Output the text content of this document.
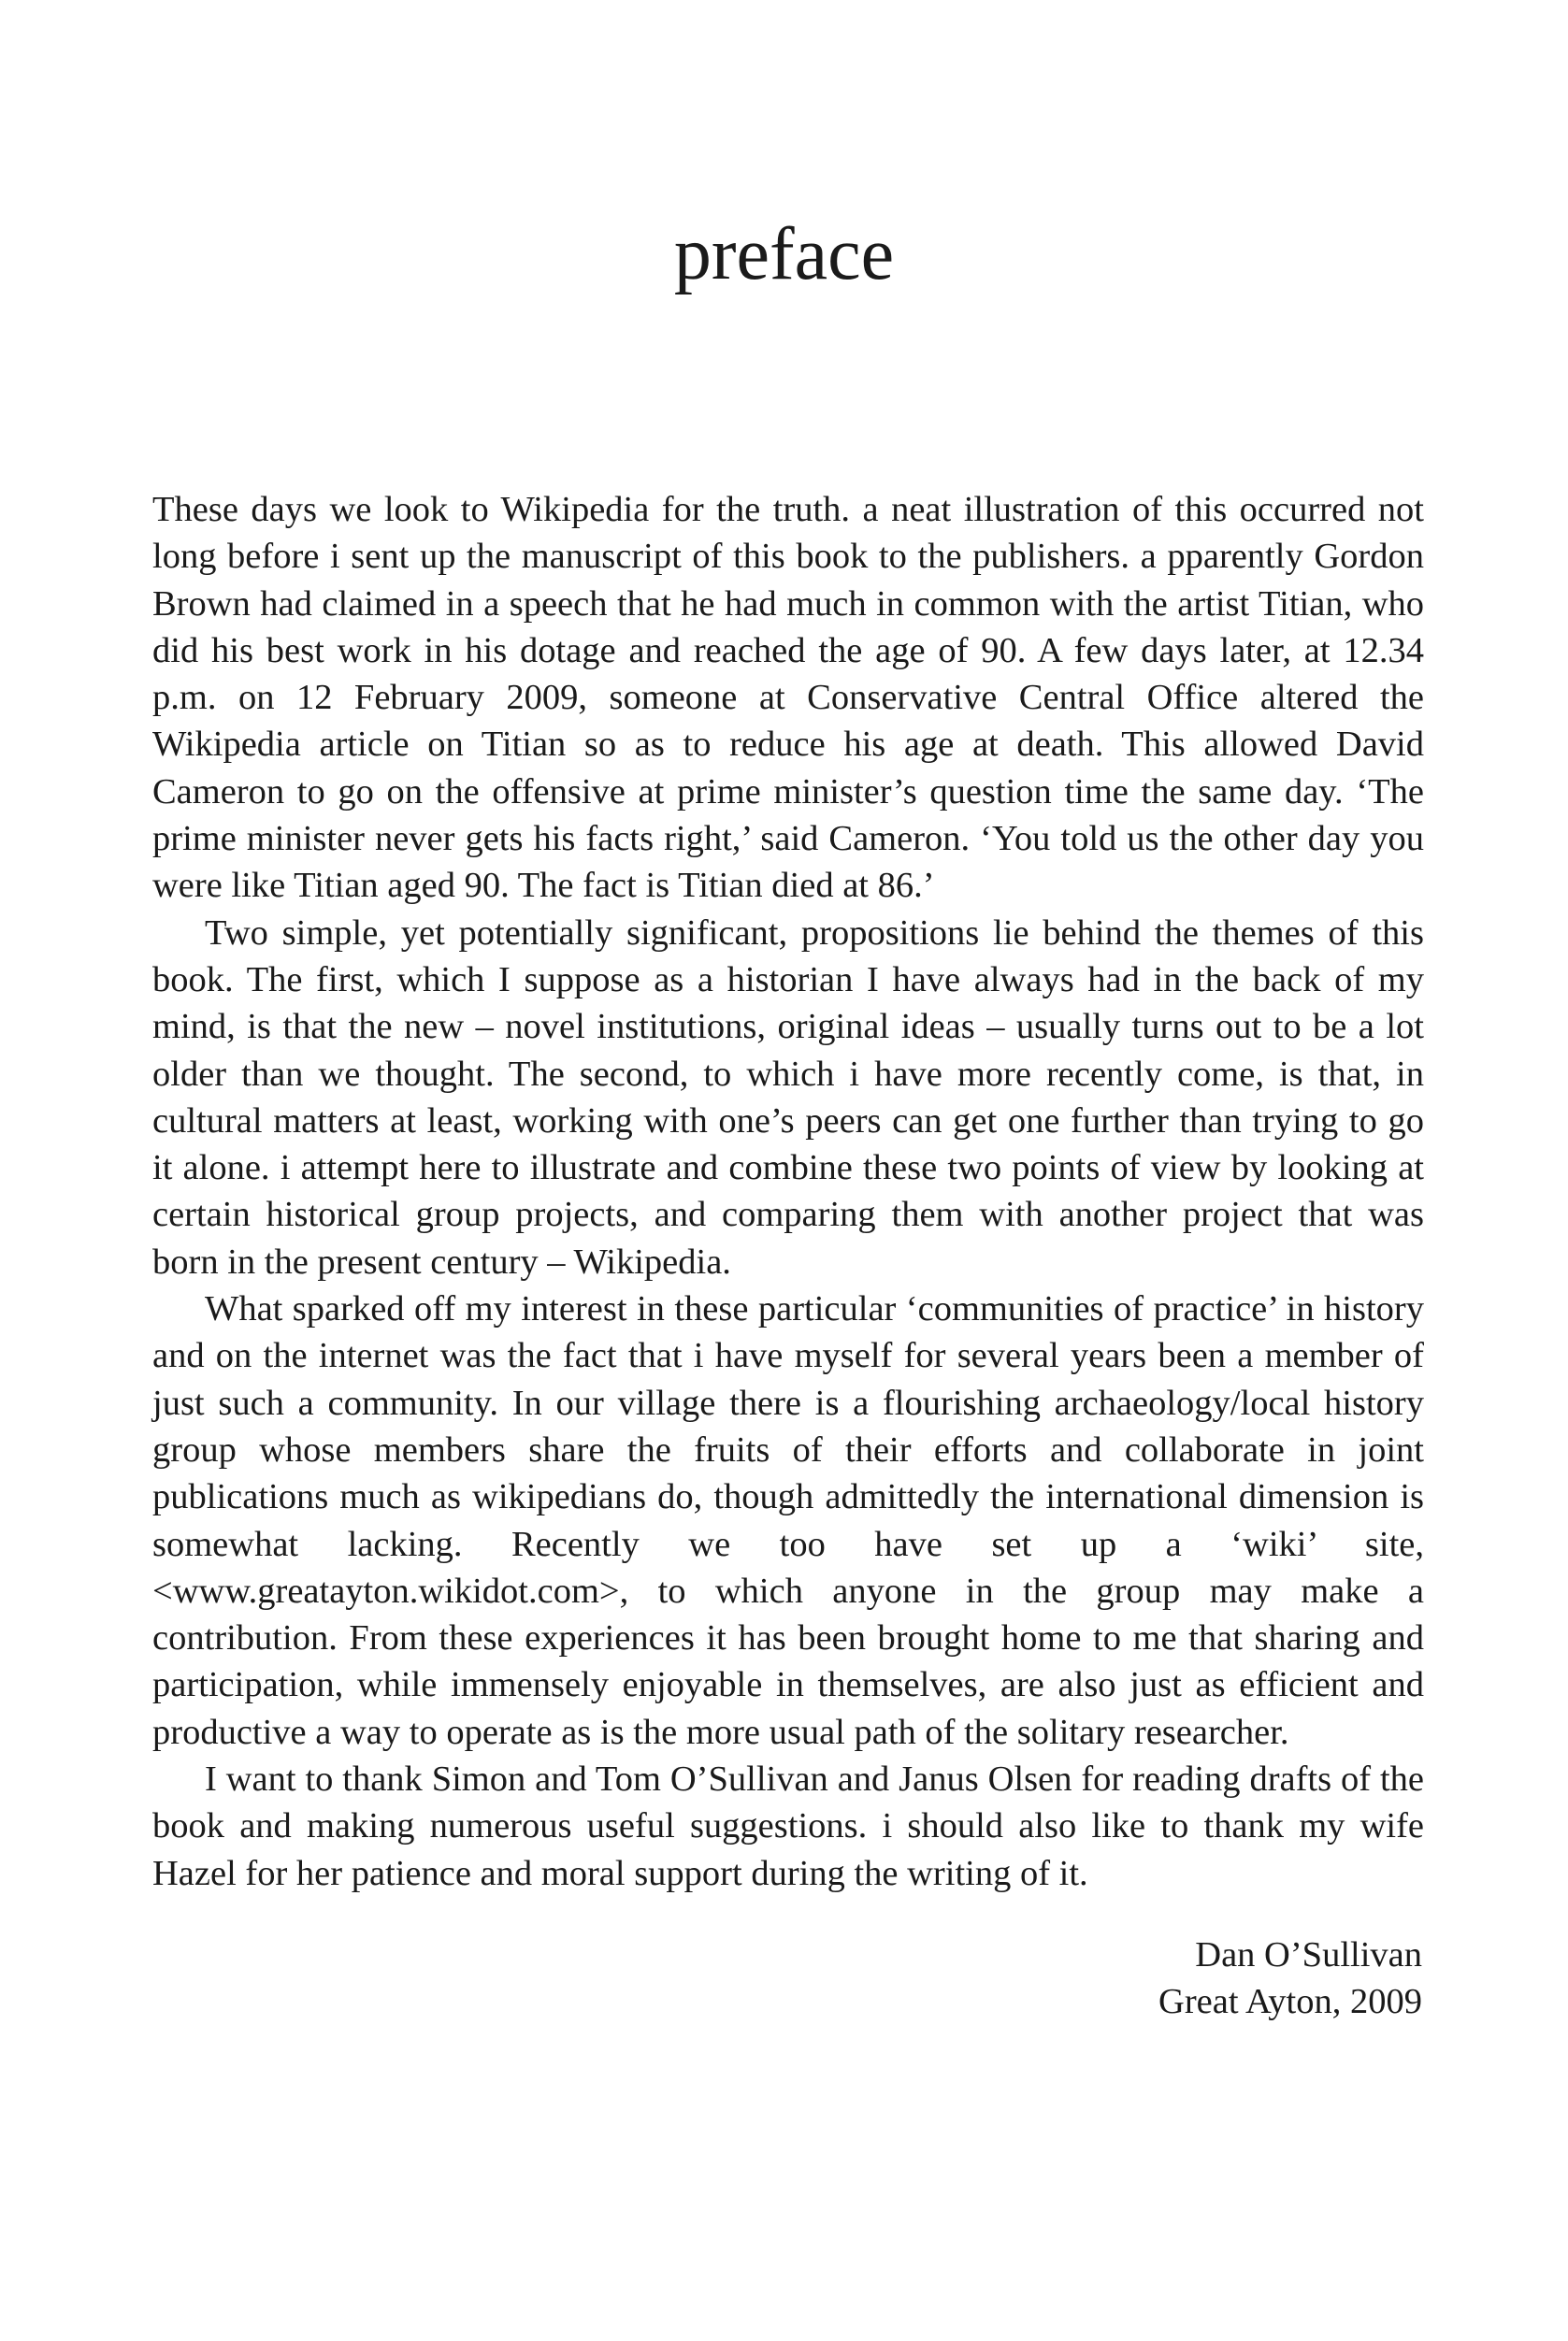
preface

These days we look to Wikipedia for the truth. a neat illustration of this occurred not long before i sent up the manuscript of this book to the publishers. a pparently Gordon Brown had claimed in a speech that he had much in common with the artist Titian, who did his best work in his dotage and reached the age of 90. A few days later, at 12.34 p.m. on 12 February 2009, someone at Conservative Central Office altered the Wikipedia article on Titian so as to reduce his age at death. This allowed David Cameron to go on the offensive at prime minister’s question time the same day. ‘The prime minister never gets his facts right,’ said Cameron. ‘You told us the other day you were like Titian aged 90. The fact is Titian died at 86.’

Two simple, yet potentially significant, propositions lie behind the themes of this book. The first, which I suppose as a historian I have always had in the back of my mind, is that the new – novel institutions, original ideas – usually turns out to be a lot older than we thought. The second, to which i have more recently come, is that, in cultural matters at least, working with one’s peers can get one further than trying to go it alone. i attempt here to illustrate and combine these two points of view by looking at certain historical group projects, and comparing them with another project that was born in the present century – Wikipedia.

What sparked off my interest in these particular ‘communities of practice’ in history and on the internet was the fact that i have myself for several years been a member of just such a community. In our village there is a flourishing archaeology/local history group whose members share the fruits of their efforts and collaborate in joint publications much as wikipedians do, though admittedly the international dimension is somewhat lacking. Recently we too have set up a ‘wiki’ site, <www.greatayton.wikidot.com>, to which anyone in the group may make a contribution. From these experiences it has been brought home to me that sharing and participation, while immensely enjoyable in themselves, are also just as efficient and productive a way to operate as is the more usual path of the solitary researcher.

I want to thank Simon and Tom O’Sullivan and Janus Olsen for reading drafts of the book and making numerous useful suggestions. i should also like to thank my wife Hazel for her patience and moral support during the writing of it.

Dan O’Sullivan
Great Ayton, 2009
